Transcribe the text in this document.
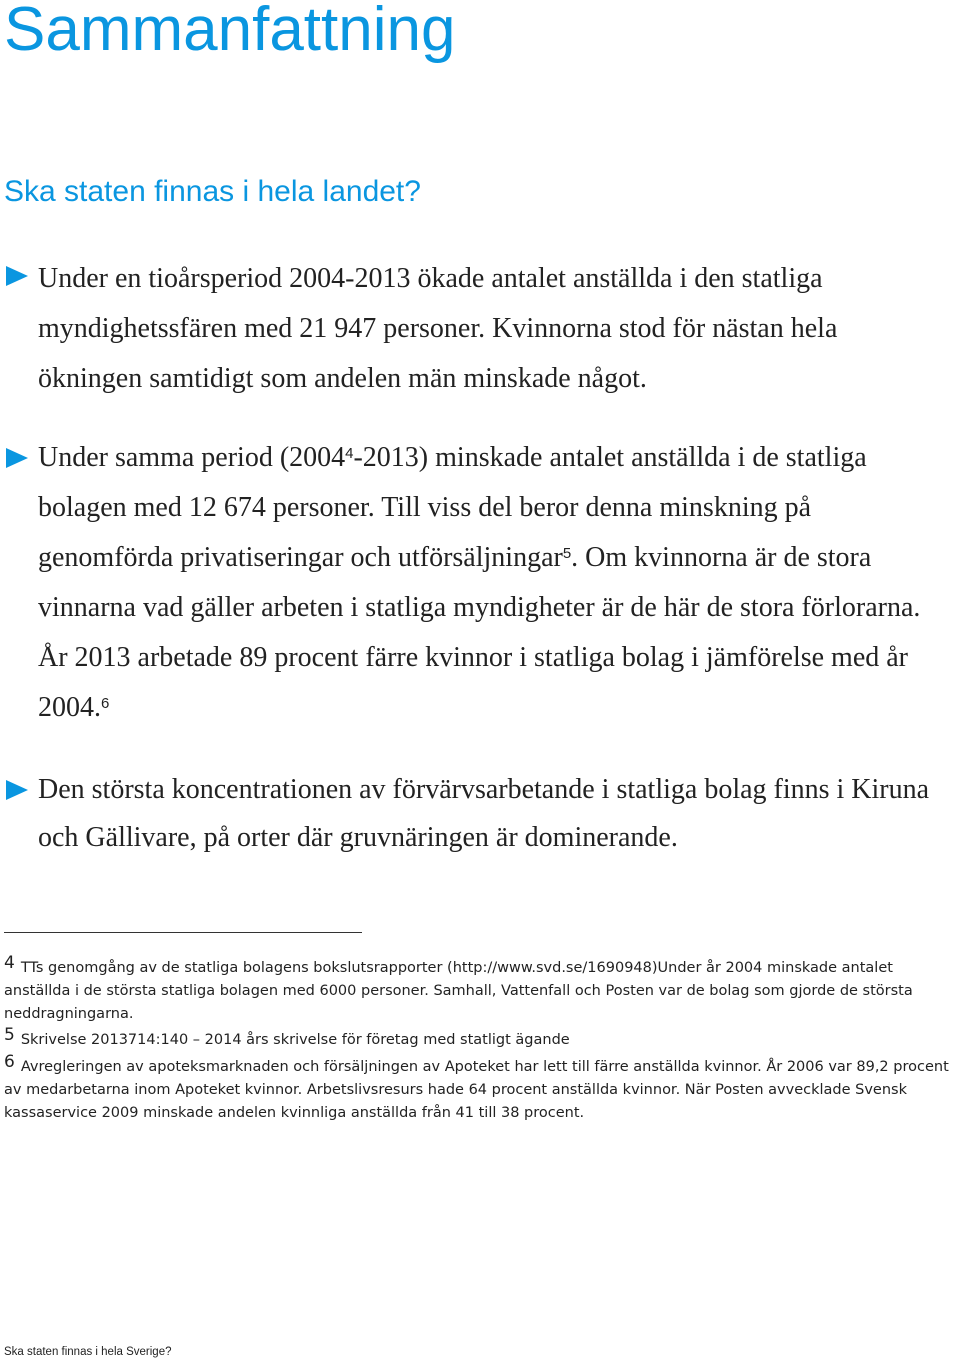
Sammanfattning
Ska staten finnas i hela landet?
Under en tioårsperiod 2004-2013 ökade antalet anställda i den statliga myndighetssfären med 21 947 personer. Kvinnorna stod för nästan hela ökningen samtidigt som andelen män minskade något.
Under samma period (2004$^4$-2013) minskade antalet anställda i de statliga bolagen med 12 674 personer. Till viss del beror denna minskning på genomförda privatiseringar och utförsäljningar$^5$. Om kvinnorna är de stora vinnarna vad gäller arbeten i statliga myndigheter är de här de stora förlorarna. År 2013 arbetade 89 procent färre kvinnor i statliga bolag i jämförelse med år 2004.$^6$
Den största koncentrationen av förvärvsarbetande i statliga bolag finns i Kiruna och Gällivare, på orter där gruvnäringen är dominerande.
4 TTs genomgång av de statliga bolagens bokslutsrapporter (http://www.svd.se/1690948)Under år 2004 minskade antalet anställda i de största statliga bolagen med 6000 personer. Samhall, Vattenfall och Posten var de bolag som gjorde de största neddragningarna.
5 Skrivelse 2013714:140 – 2014 års skrivelse för företag med statligt ägande
6 Avregleringen av apoteksmarknaden och försäljningen av Apoteket har lett till färre anställda kvinnor. År 2006 var 89,2 procent av medarbetarna inom Apoteket kvinnor. Arbetslivsresurs hade 64 procent anställda kvinnor. När Posten avvecklade Svensk kassaservice 2009 minskade andelen kvinnliga anställda från 41 till 38 procent.
Ska staten finnas i hela Sverige?
